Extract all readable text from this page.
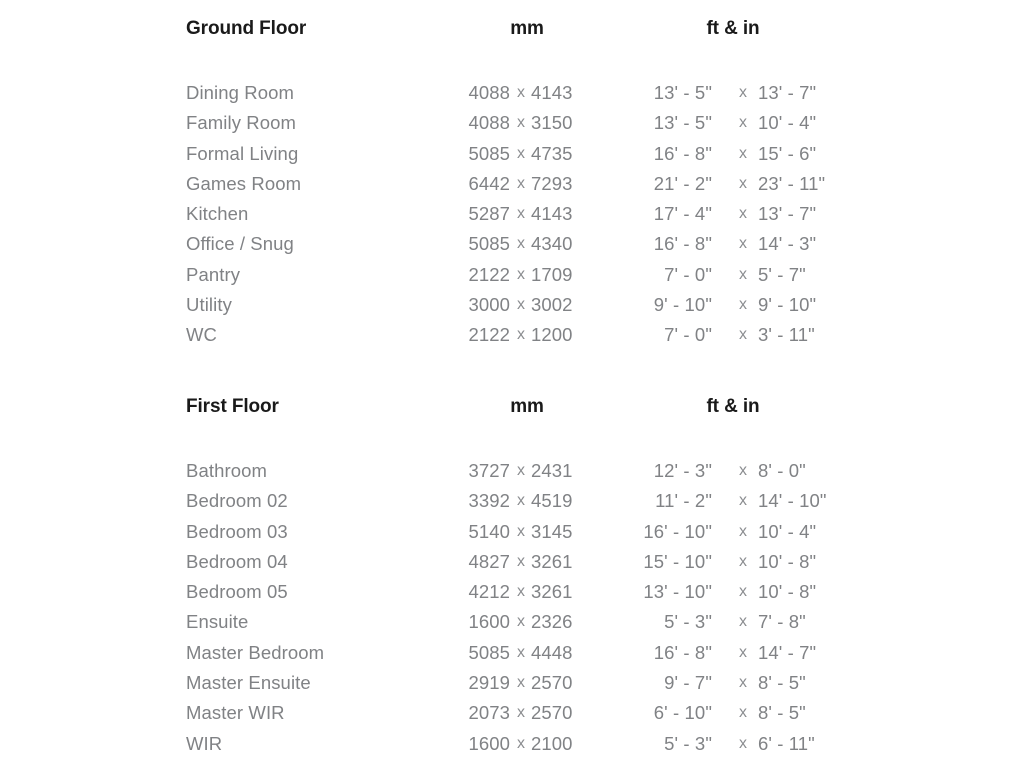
Ground Floor	mm	ft & in
Dining Room	4088 x 4143	13' - 5" x 13' - 7"
Family Room	4088 x 3150	13' - 5" x 10' - 4"
Formal Living	5085 x 4735	16' - 8" x 15' - 6"
Games Room	6442 x 7293	21' - 2" x 23' - 11"
Kitchen	5287 x 4143	17' - 4" x 13' - 7"
Office / Snug	5085 x 4340	16' - 8" x 14' - 3"
Pantry	2122 x 1709	7' - 0" x 5' - 7"
Utility	3000 x 3002	9' - 10" x 9' - 10"
WC	2122 x 1200	7' - 0" x 3' - 11"
First Floor	mm	ft & in
Bathroom	3727 x 2431	12' - 3" x 8' - 0"
Bedroom 02	3392 x 4519	11' - 2" x 14' - 10"
Bedroom 03	5140 x 3145	16' - 10" x 10' - 4"
Bedroom 04	4827 x 3261	15' - 10" x 10' - 8"
Bedroom 05	4212 x 3261	13' - 10" x 10' - 8"
Ensuite	1600 x 2326	5' - 3" x 7' - 8"
Master Bedroom	5085 x 4448	16' - 8" x 14' - 7"
Master Ensuite	2919 x 2570	9' - 7" x 8' - 5"
Master WIR	2073 x 2570	6' - 10" x 8' - 5"
WIR	1600 x 2100	5' - 3" x 6' - 11"
